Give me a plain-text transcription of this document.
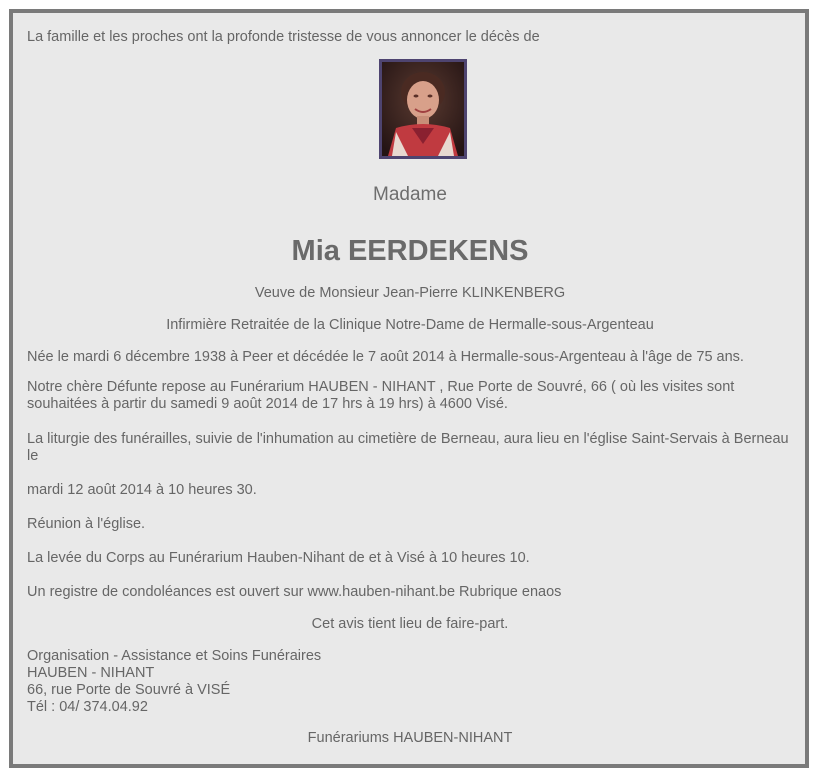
La famille et les proches ont la profonde tristesse de vous annoncer le décès de
Madame
Mia EERDEKENS
Veuve de Monsieur Jean-Pierre KLINKENBERG
Infirmière Retraitée de la Clinique Notre-Dame de Hermalle-sous-Argenteau
Née le mardi 6 décembre 1938 à Peer et décédée le 7 août 2014 à Hermalle-sous-Argenteau à l'âge de 75 ans.
Notre chère Défunte repose au Funérarium HAUBEN - NIHANT , Rue Porte de Souvré, 66 ( où les visites sont souhaitées à partir du samedi 9 août 2014 de 17 hrs à 19 hrs) à 4600 Visé.
La liturgie des funérailles, suivie de l'inhumation au cimetière de Berneau, aura lieu en l'église Saint-Servais à Berneau le
mardi 12 août 2014 à 10 heures 30.
Réunion à l'église.
La levée du Corps au Funérarium Hauben-Nihant de et à Visé à 10 heures 10.
Un registre de condoléances est ouvert sur www.hauben-nihant.be Rubrique enaos
Cet avis tient lieu de faire-part.
Organisation - Assistance et Soins Funéraires
HAUBEN - NIHANT
66, rue Porte de Souvré à VISÉ
Tél : 04/ 374.04.92
Funérariums HAUBEN-NIHANT
